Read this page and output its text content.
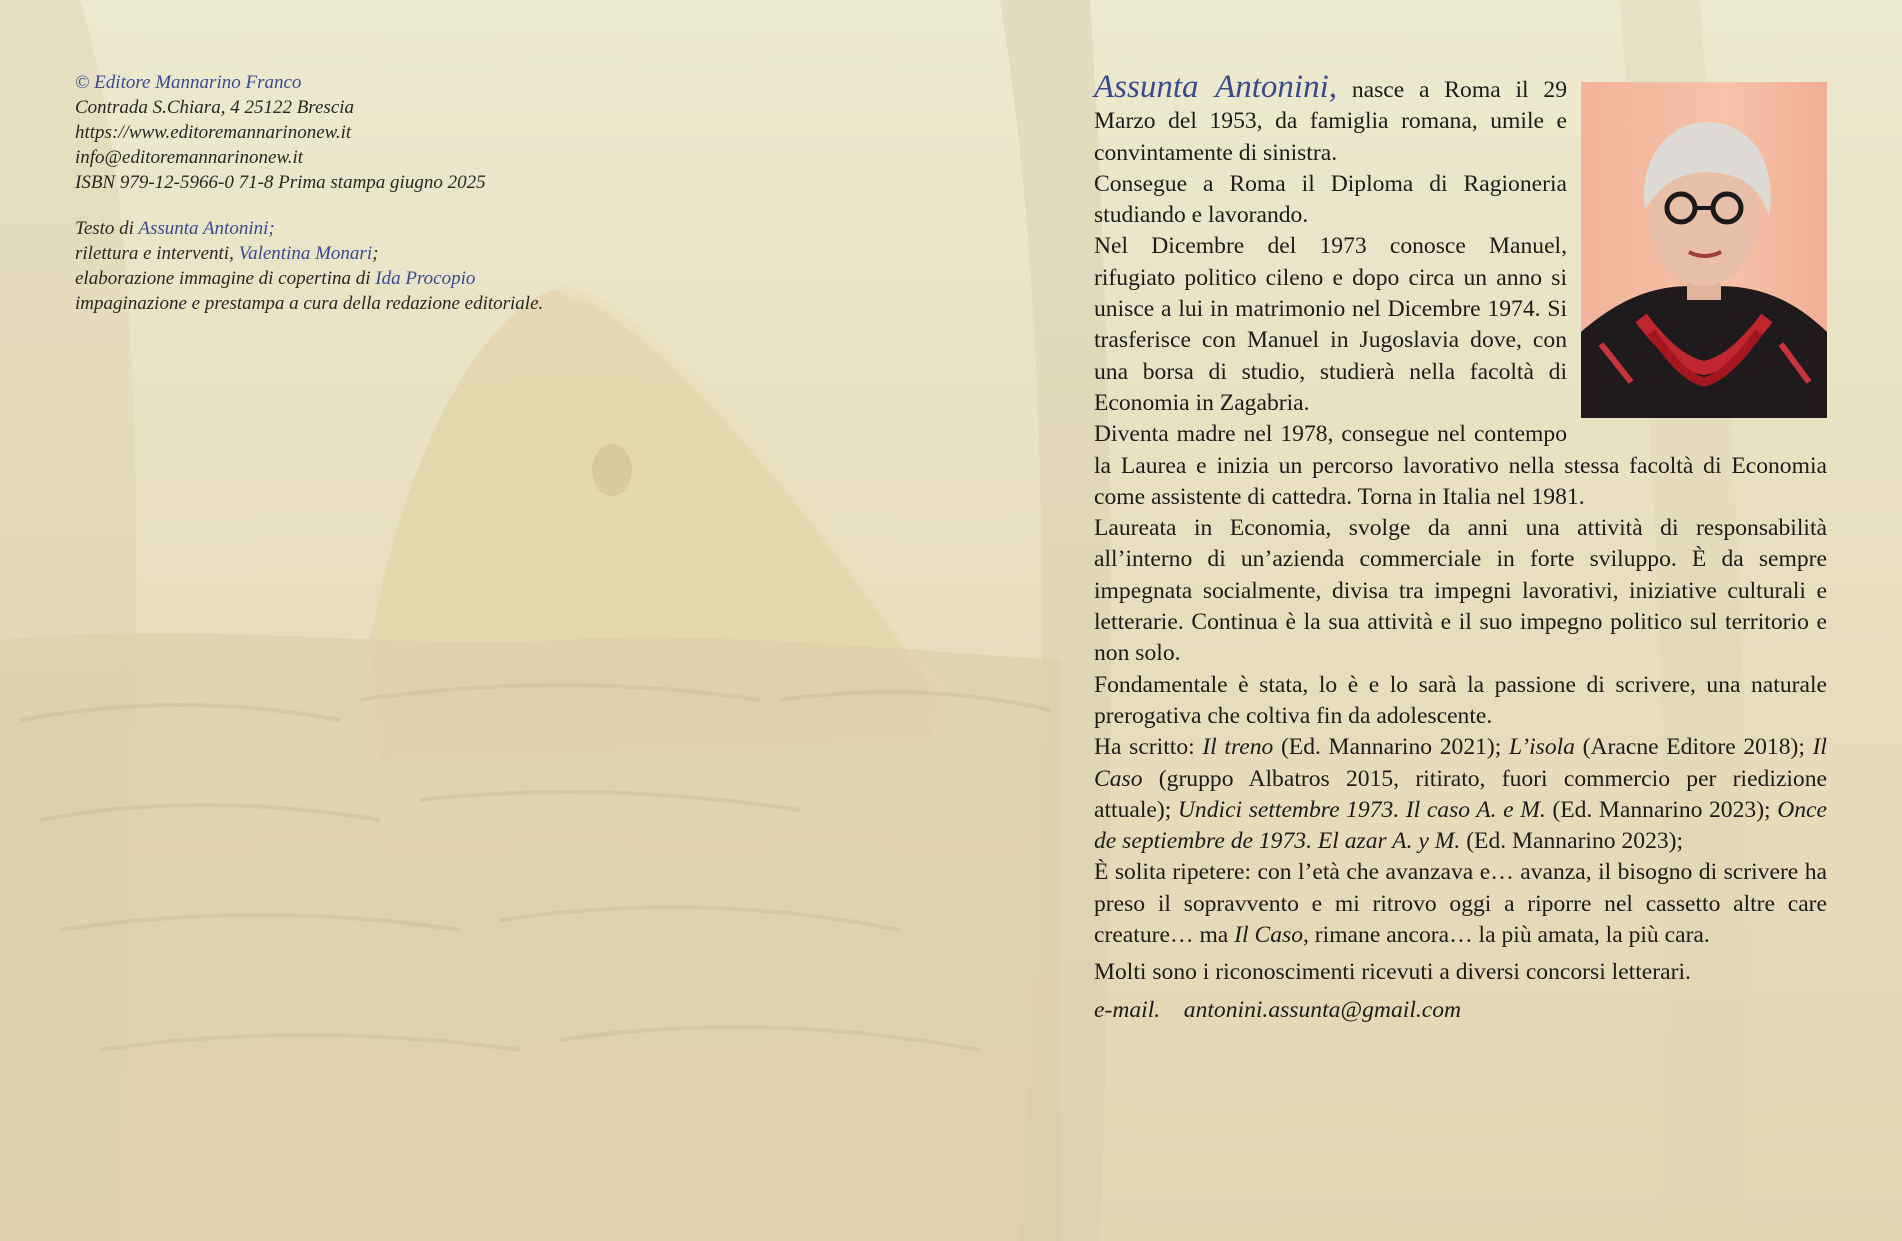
© Editore Mannarino Franco
Contrada S.Chiara, 4 25122 Brescia
https://www.editoremannarinonew.it
info@editoremannarinonew.it
ISBN 979-12-5966-0 71-8 Prima stampa giugno 2025
Testo di Assunta Antonini;
rilettura e interventi, Valentina Monari;
elaborazione immagine di copertina di Ida Procopio
impaginazione e prestampa a cura della redazione editoriale.

Assunta Antonini, nasce a Roma il 29 Marzo del 1953, da famiglia romana, umile e convintamente di sinistra.

Consegue a Roma il Diploma di Ragioneria studiando e lavorando.

Nel Dicembre del 1973 conosce Manuel, rifugiato politico cileno e dopo circa un anno si unisce a lui in matrimonio nel Dicembre 1974. Si trasferisce con Manuel in Jugoslavia dove, con una borsa di studio, studierà nella facoltà di Economia in Zagabria.

Diventa madre nel 1978, consegue nel contempo la Laurea e inizia un percorso lavorativo nella stessa facoltà di Economia come assistente di cattedra. Torna in Italia nel 1981.

Laureata in Economia, svolge da anni una attività di responsabilità all’interno di un’azienda commerciale in forte sviluppo. È da sempre impegnata socialmente, divisa tra impegni lavorativi, iniziative culturali e letterarie. Continua è la sua attività e il suo impegno politico sul territorio e non solo.

Fondamentale è stata, lo è e lo sarà la passione di scrivere, una naturale prerogativa che coltiva fin da adolescente.

Ha scritto: Il treno (Ed. Mannarino 2021); L’isola (Aracne Editore 2018); Il Caso (gruppo Albatros 2015, ritirato, fuori commercio per riedizione attuale); Undici settembre 1973. Il caso A. e M. (Ed. Mannarino 2023); Once de septiembre de 1973. El azar A. y M. (Ed. Mannarino 2023);

È solita ripetere: con l’età che avanzava e… avanza, il bisogno di scrivere ha preso il sopravvento e mi ritrovo oggi a riporre nel cassetto altre care creature… ma Il Caso, rimane ancora… la più amata, la più cara.

Molti sono i riconoscimenti ricevuti a diversi concorsi letterari.

e-mail. antonini.assunta@gmail.com
